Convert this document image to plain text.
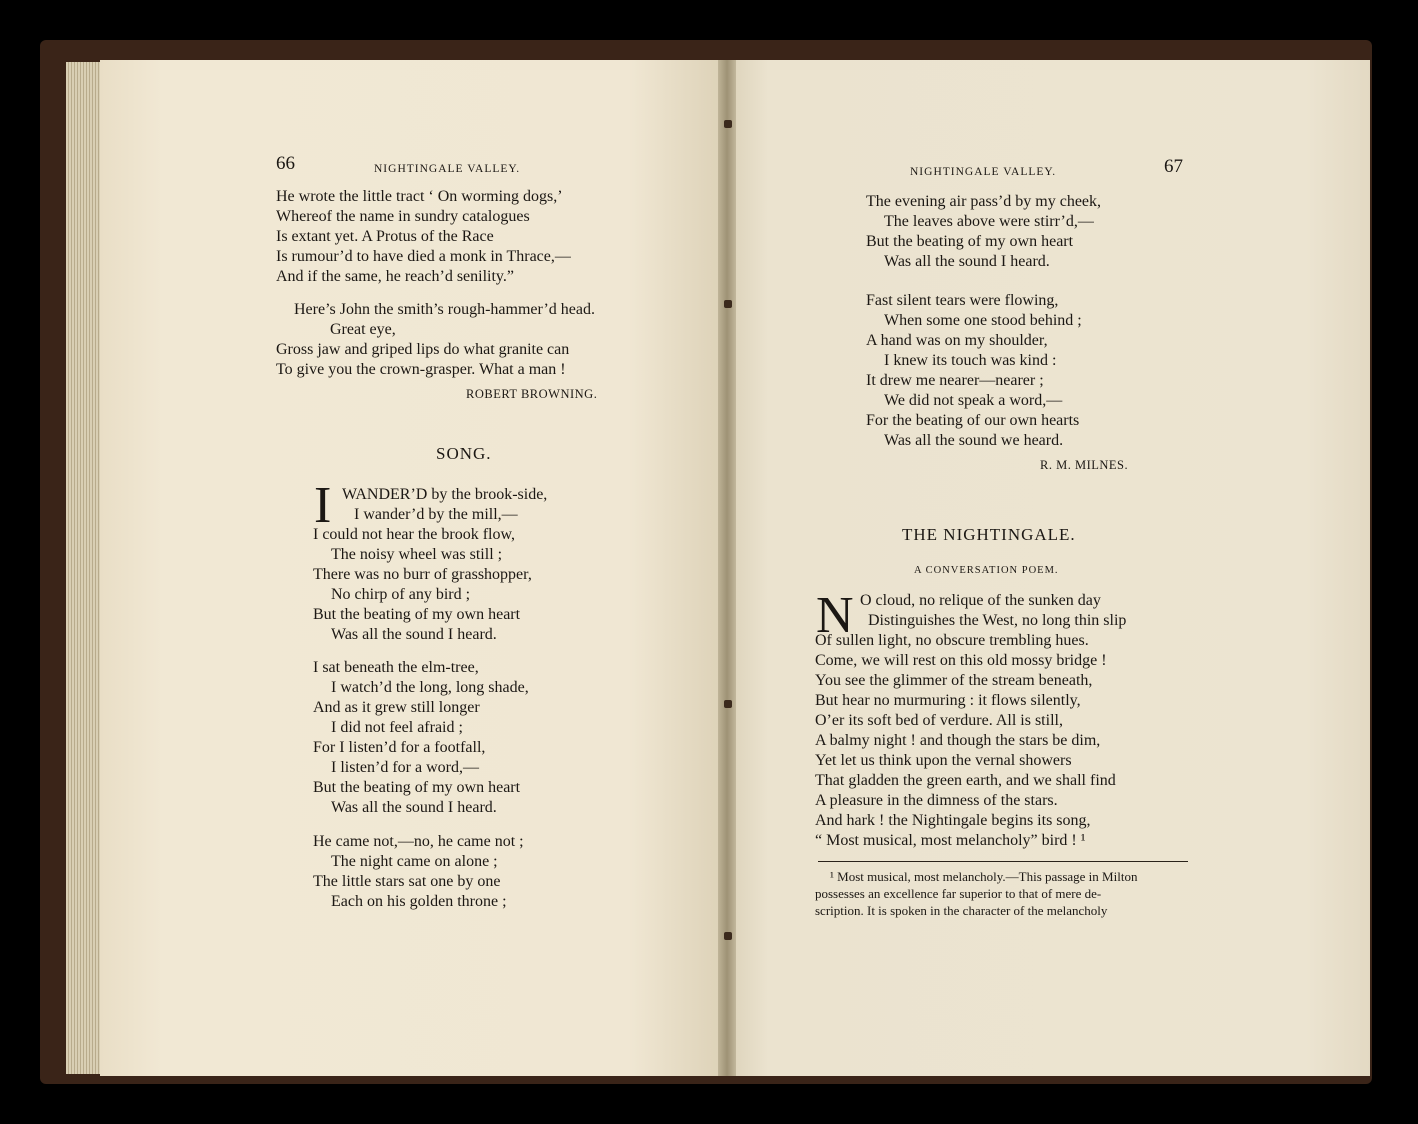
66	NIGHTINGALE VALLEY.
He wrote the little tract ‘ On worming dogs,’
Whereof the name in sundry catalogues
Is extant yet. A Protus of the Race
Is rumour’d to have died a monk in Thrace,—
And if the same, he reach’d senility.”
Here’s John the smith’s rough-hammer’d head.
Great eye,
Gross jaw and griped lips do what granite can
To give you the crown-grasper. What a man !
ROBERT BROWNING.
SONG.
I WANDER’D by the brook-side,
I wander’d by the mill,—
I could not hear the brook flow,
The noisy wheel was still ;
There was no burr of grasshopper,
No chirp of any bird ;
But the beating of my own heart
Was all the sound I heard.
I sat beneath the elm-tree,
I watch’d the long, long shade,
And as it grew still longer
I did not feel afraid ;
For I listen’d for a footfall,
I listen’d for a word,—
But the beating of my own heart
Was all the sound I heard.
He came not,—no, he came not ;
The night came on alone ;
The little stars sat one by one
Each on his golden throne ;
NIGHTINGALE VALLEY.	67
The evening air pass’d by my cheek,
The leaves above were stirr’d,—
But the beating of my own heart
Was all the sound I heard.
Fast silent tears were flowing,
When some one stood behind ;
A hand was on my shoulder,
I knew its touch was kind :
It drew me nearer—nearer ;
We did not speak a word,—
For the beating of our own hearts
Was all the sound we heard.
R. M. MILNES.
THE NIGHTINGALE.
A CONVERSATION POEM.
N O cloud, no relique of the sunken day
Distinguishes the West, no long thin slip
Of sullen light, no obscure trembling hues.
Come, we will rest on this old mossy bridge !
You see the glimmer of the stream beneath,
But hear no murmuring : it flows silently,
O’er its soft bed of verdure. All is still,
A balmy night ! and though the stars be dim,
Yet let us think upon the vernal showers
That gladden the green earth, and we shall find
A pleasure in the dimness of the stars.
And hark ! the Nightingale begins its song,
“ Most musical, most melancholy” bird ! ¹
¹ Most musical, most melancholy.—This passage in Milton
possesses an excellence far superior to that of mere de-
scription. It is spoken in the character of the melancholy
